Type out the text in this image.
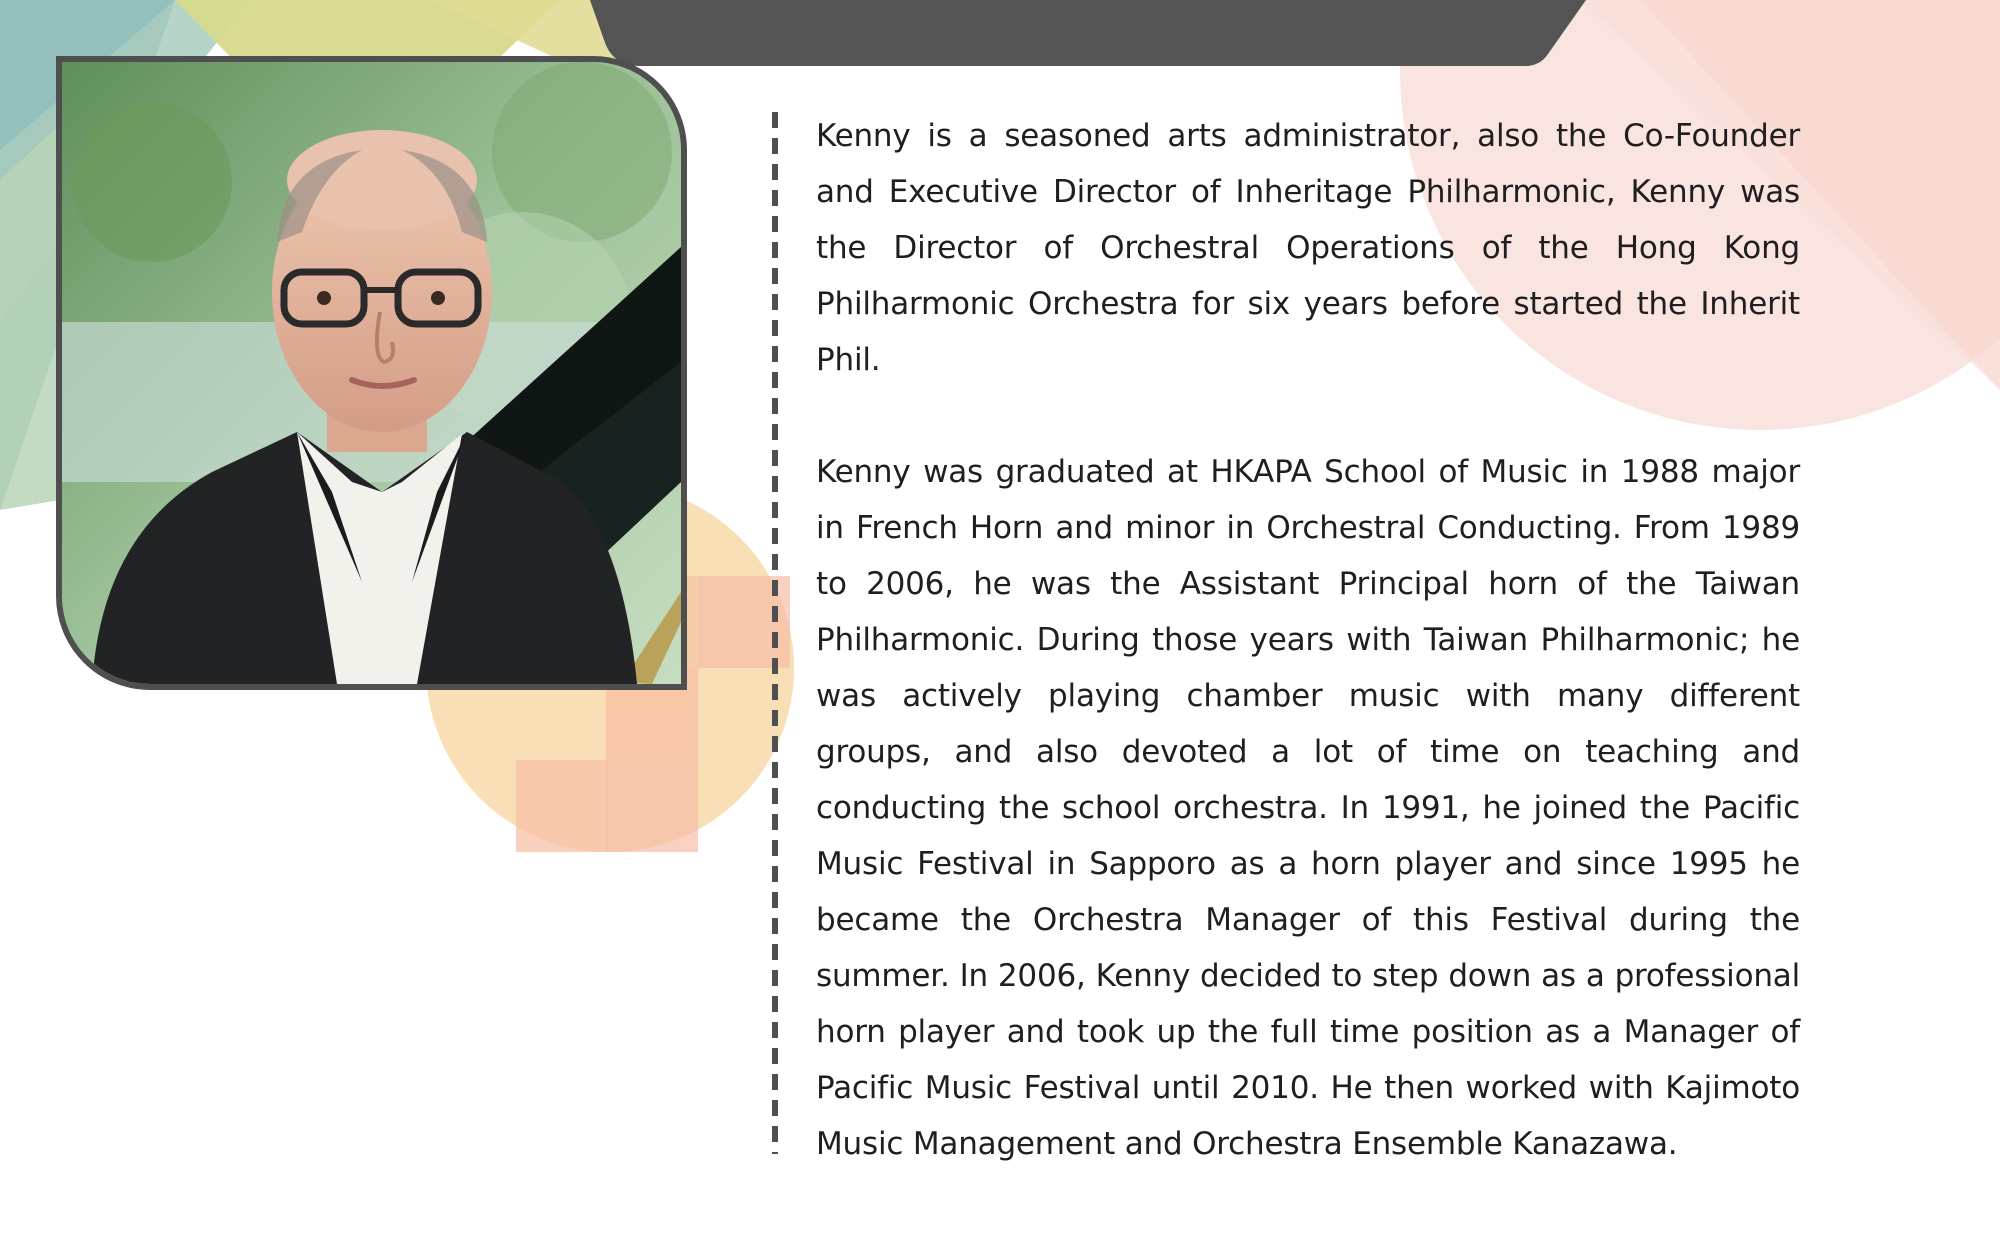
Kenny is a seasoned arts administrator, also the Co-Founder and Executive Director of Inheritage Philharmonic, Kenny was the Director of Orchestral Operations of the Hong Kong Philharmonic Orchestra for six years before started the Inherit Phil.

Kenny was graduated at HKAPA School of Music in 1988 major in French Horn and minor in Orchestral Conducting. From 1989 to 2006, he was the Assistant Principal horn of the Taiwan Philharmonic. During those years with Taiwan Philharmonic; he was actively playing chamber music with many different groups, and also devoted a lot of time on teaching and conducting the school orchestra. In 1991, he joined the Pacific Music Festival in Sapporo as a horn player and since 1995 he became the Orchestra Manager of this Festival during the summer. In 2006, Kenny decided to step down as a professional horn player and took up the full time position as a Manager of Pacific Music Festival until 2010. He then worked with Kajimoto Music Management and Orchestra Ensemble Kanazawa.
